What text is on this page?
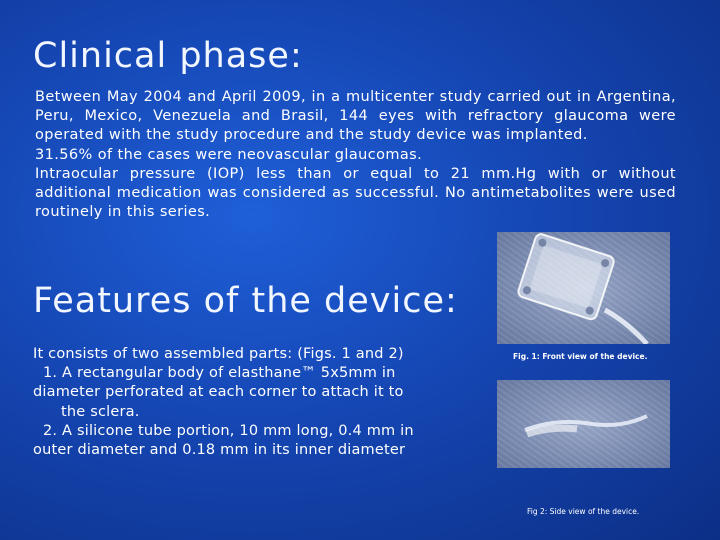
Clinical phase:

Between May 2004 and April 2009, in a multicenter study carried out in Argentina, Peru, Mexico, Venezuela and Brasil, 144 eyes with refractory glaucoma were operated with the study procedure and the study device was implanted.

31.56% of the cases were neovascular glaucomas.

Intraocular pressure (IOP) less than or equal to 21 mm.Hg with or without additional medication was considered as successful. No antimetabolites were used routinely in this series.

Features of the device:
It consists of two assembled parts: (Figs. 1 and 2)
1. A rectangular body of elasthane™ 5x5mm in
diameter perforated at each corner to attach it to
the sclera.
2. A silicone tube portion, 10 mm long, 0.4 mm in
outer diameter and 0.18 mm in its inner diameter
Fig. 1: Front view of the device.
Fig 2: Side view of the device.
